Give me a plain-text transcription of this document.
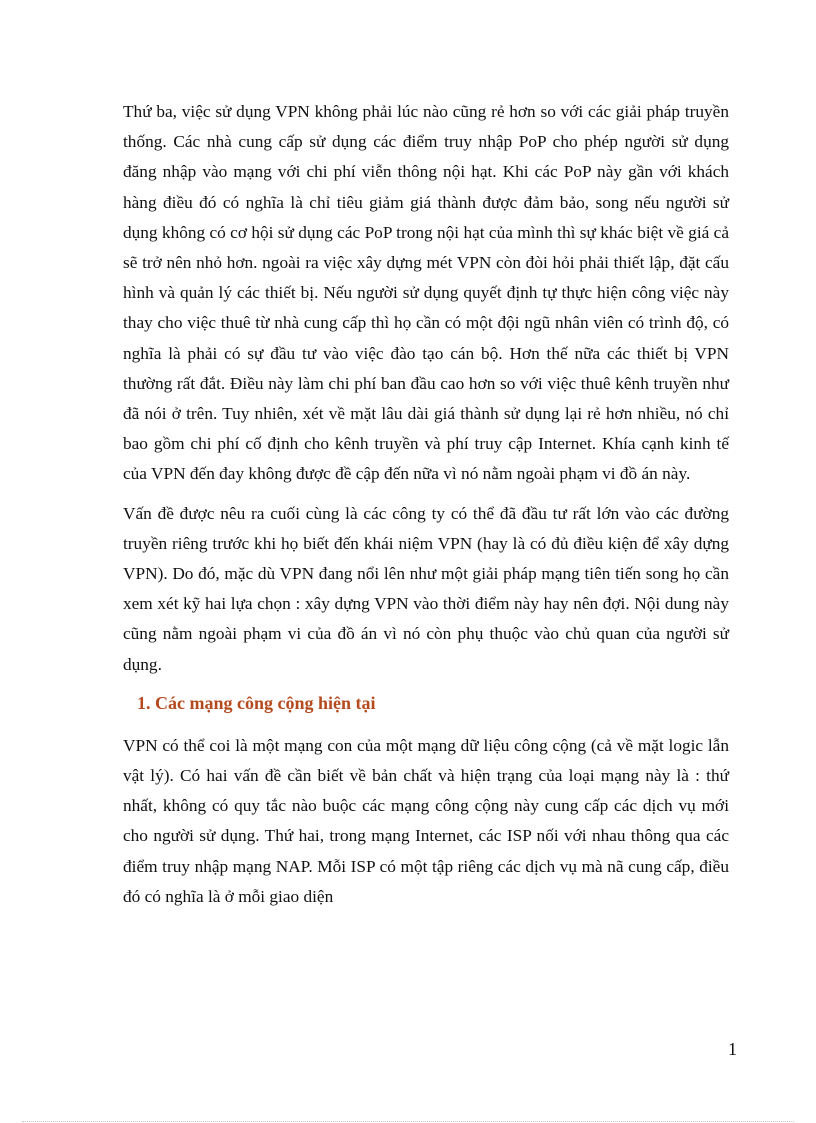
Thứ ba, việc sử dụng VPN không phải lúc nào cũng rẻ hơn so với các giải pháp truyền thống. Các nhà cung cấp sử dụng các điểm truy nhập PoP cho phép người sử dụng đăng nhập vào mạng với chi phí viễn thông nội hạt. Khi các PoP này gần với khách hàng điều đó có nghĩa là chỉ tiêu giảm giá thành được đảm bảo, song nếu người sử dụng không có cơ hội sử dụng các PoP trong nội hạt của mình thì sự khác biệt về giá cả sẽ trở nên nhỏ hơn. ngoài ra việc xây dựng mét VPN còn đòi hỏi phải thiết lập, đặt cấu hình và quản lý các thiết bị. Nếu người sử dụng quyết định tự thực hiện công việc này thay cho việc thuê từ nhà cung cấp thì họ cần có một đội ngũ nhân viên có trình độ, có nghĩa là phải có sự đầu tư vào việc đào tạo cán bộ. Hơn thế nữa các thiết bị VPN thường rất đắt. Điều này làm chi phí ban đầu cao hơn so với việc thuê kênh truyền như đã nói ở trên. Tuy nhiên, xét về mặt lâu dài giá thành sử dụng lại rẻ hơn nhiều, nó chỉ bao gồm chi phí cố định cho kênh truyền và phí truy cập Internet. Khía cạnh kinh tế của VPN đến đay không được đề cập đến nữa vì nó nằm ngoài phạm vi đồ án này.

Vấn đề được nêu ra cuối cùng là các công ty có thể đã đầu tư rất lớn vào các đường truyền riêng trước khi họ biết đến khái niệm VPN (hay là có đủ điều kiện để xây dựng VPN). Do đó, mặc dù VPN đang nổi lên như một giải pháp mạng tiên tiến song họ cần xem xét kỹ hai lựa chọn : xây dựng VPN vào thời điểm này hay nên đợi. Nội dung này cũng nằm ngoài phạm vi của đồ án vì nó còn phụ thuộc vào chủ quan của người sử dụng.

1. Các mạng công cộng hiện tại

VPN có thể coi là một mạng con của một mạng dữ liệu công cộng (cả về mặt logic lẫn vật lý). Có hai vấn đề cần biết về bản chất và hiện trạng của loại mạng này là : thứ nhất, không có quy tắc nào buộc các mạng công cộng này cung cấp các dịch vụ mới cho người sử dụng. Thứ hai, trong mạng Internet, các ISP nối với nhau thông qua các điểm truy nhập mạng NAP. Mỗi ISP có một tập riêng các dịch vụ mà nã cung cấp, điều đó có nghĩa là ở mỗi giao diện

1
